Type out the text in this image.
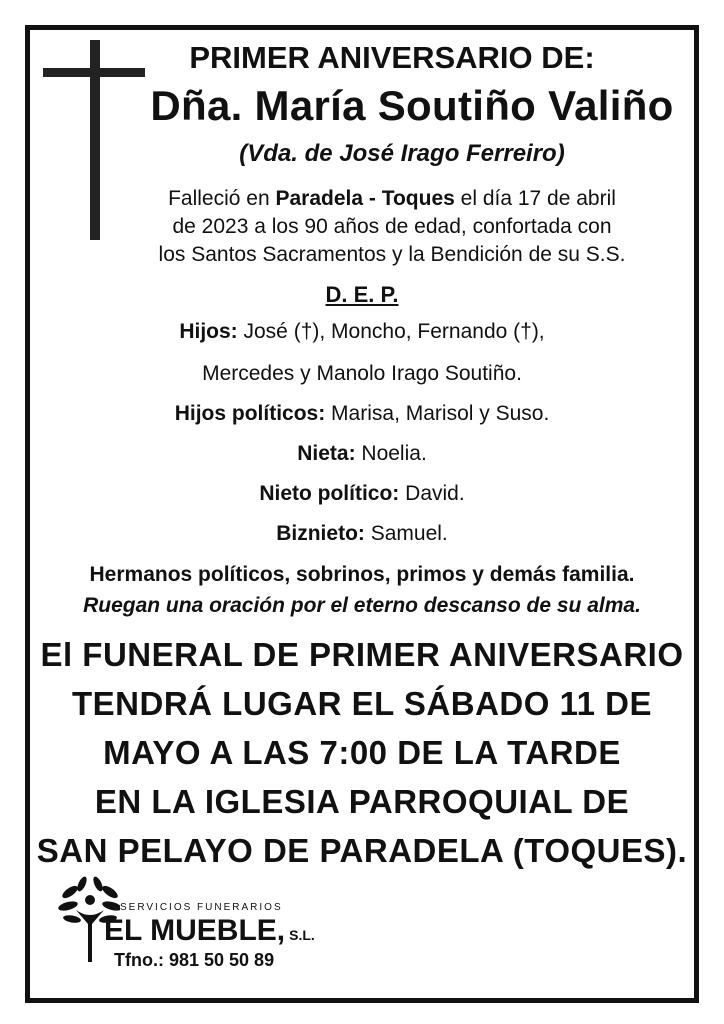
PRIMER ANIVERSARIO DE:
Dña. María Soutiño Valiño
(Vda. de José Irago Ferreiro)
Falleció en Paradela - Toques el día 17 de abril
de 2023 a los 90 años de edad, confortada con
los Santos Sacramentos y la Bendición de su S.S.
D. E. P.
Hijos: José (†), Moncho, Fernando (†),
Mercedes y Manolo Irago Soutiño.
Hijos políticos: Marisa, Marisol y Suso.
Nieta: Noelia.
Nieto político: David.
Biznieto: Samuel.
Hermanos políticos, sobrinos, primos y demás familia.
Ruegan una oración por el eterno descanso de su alma.
El FUNERAL DE PRIMER ANIVERSARIO
TENDRÁ LUGAR EL SÁBADO 11 DE
MAYO A LAS 7:00 DE LA TARDE
EN LA IGLESIA PARROQUIAL DE
SAN PELAYO DE PARADELA (TOQUES).
SERVICIOS FUNERARIOS
EL MUEBLE, S.L.
Tfno.: 981 50 50 89
